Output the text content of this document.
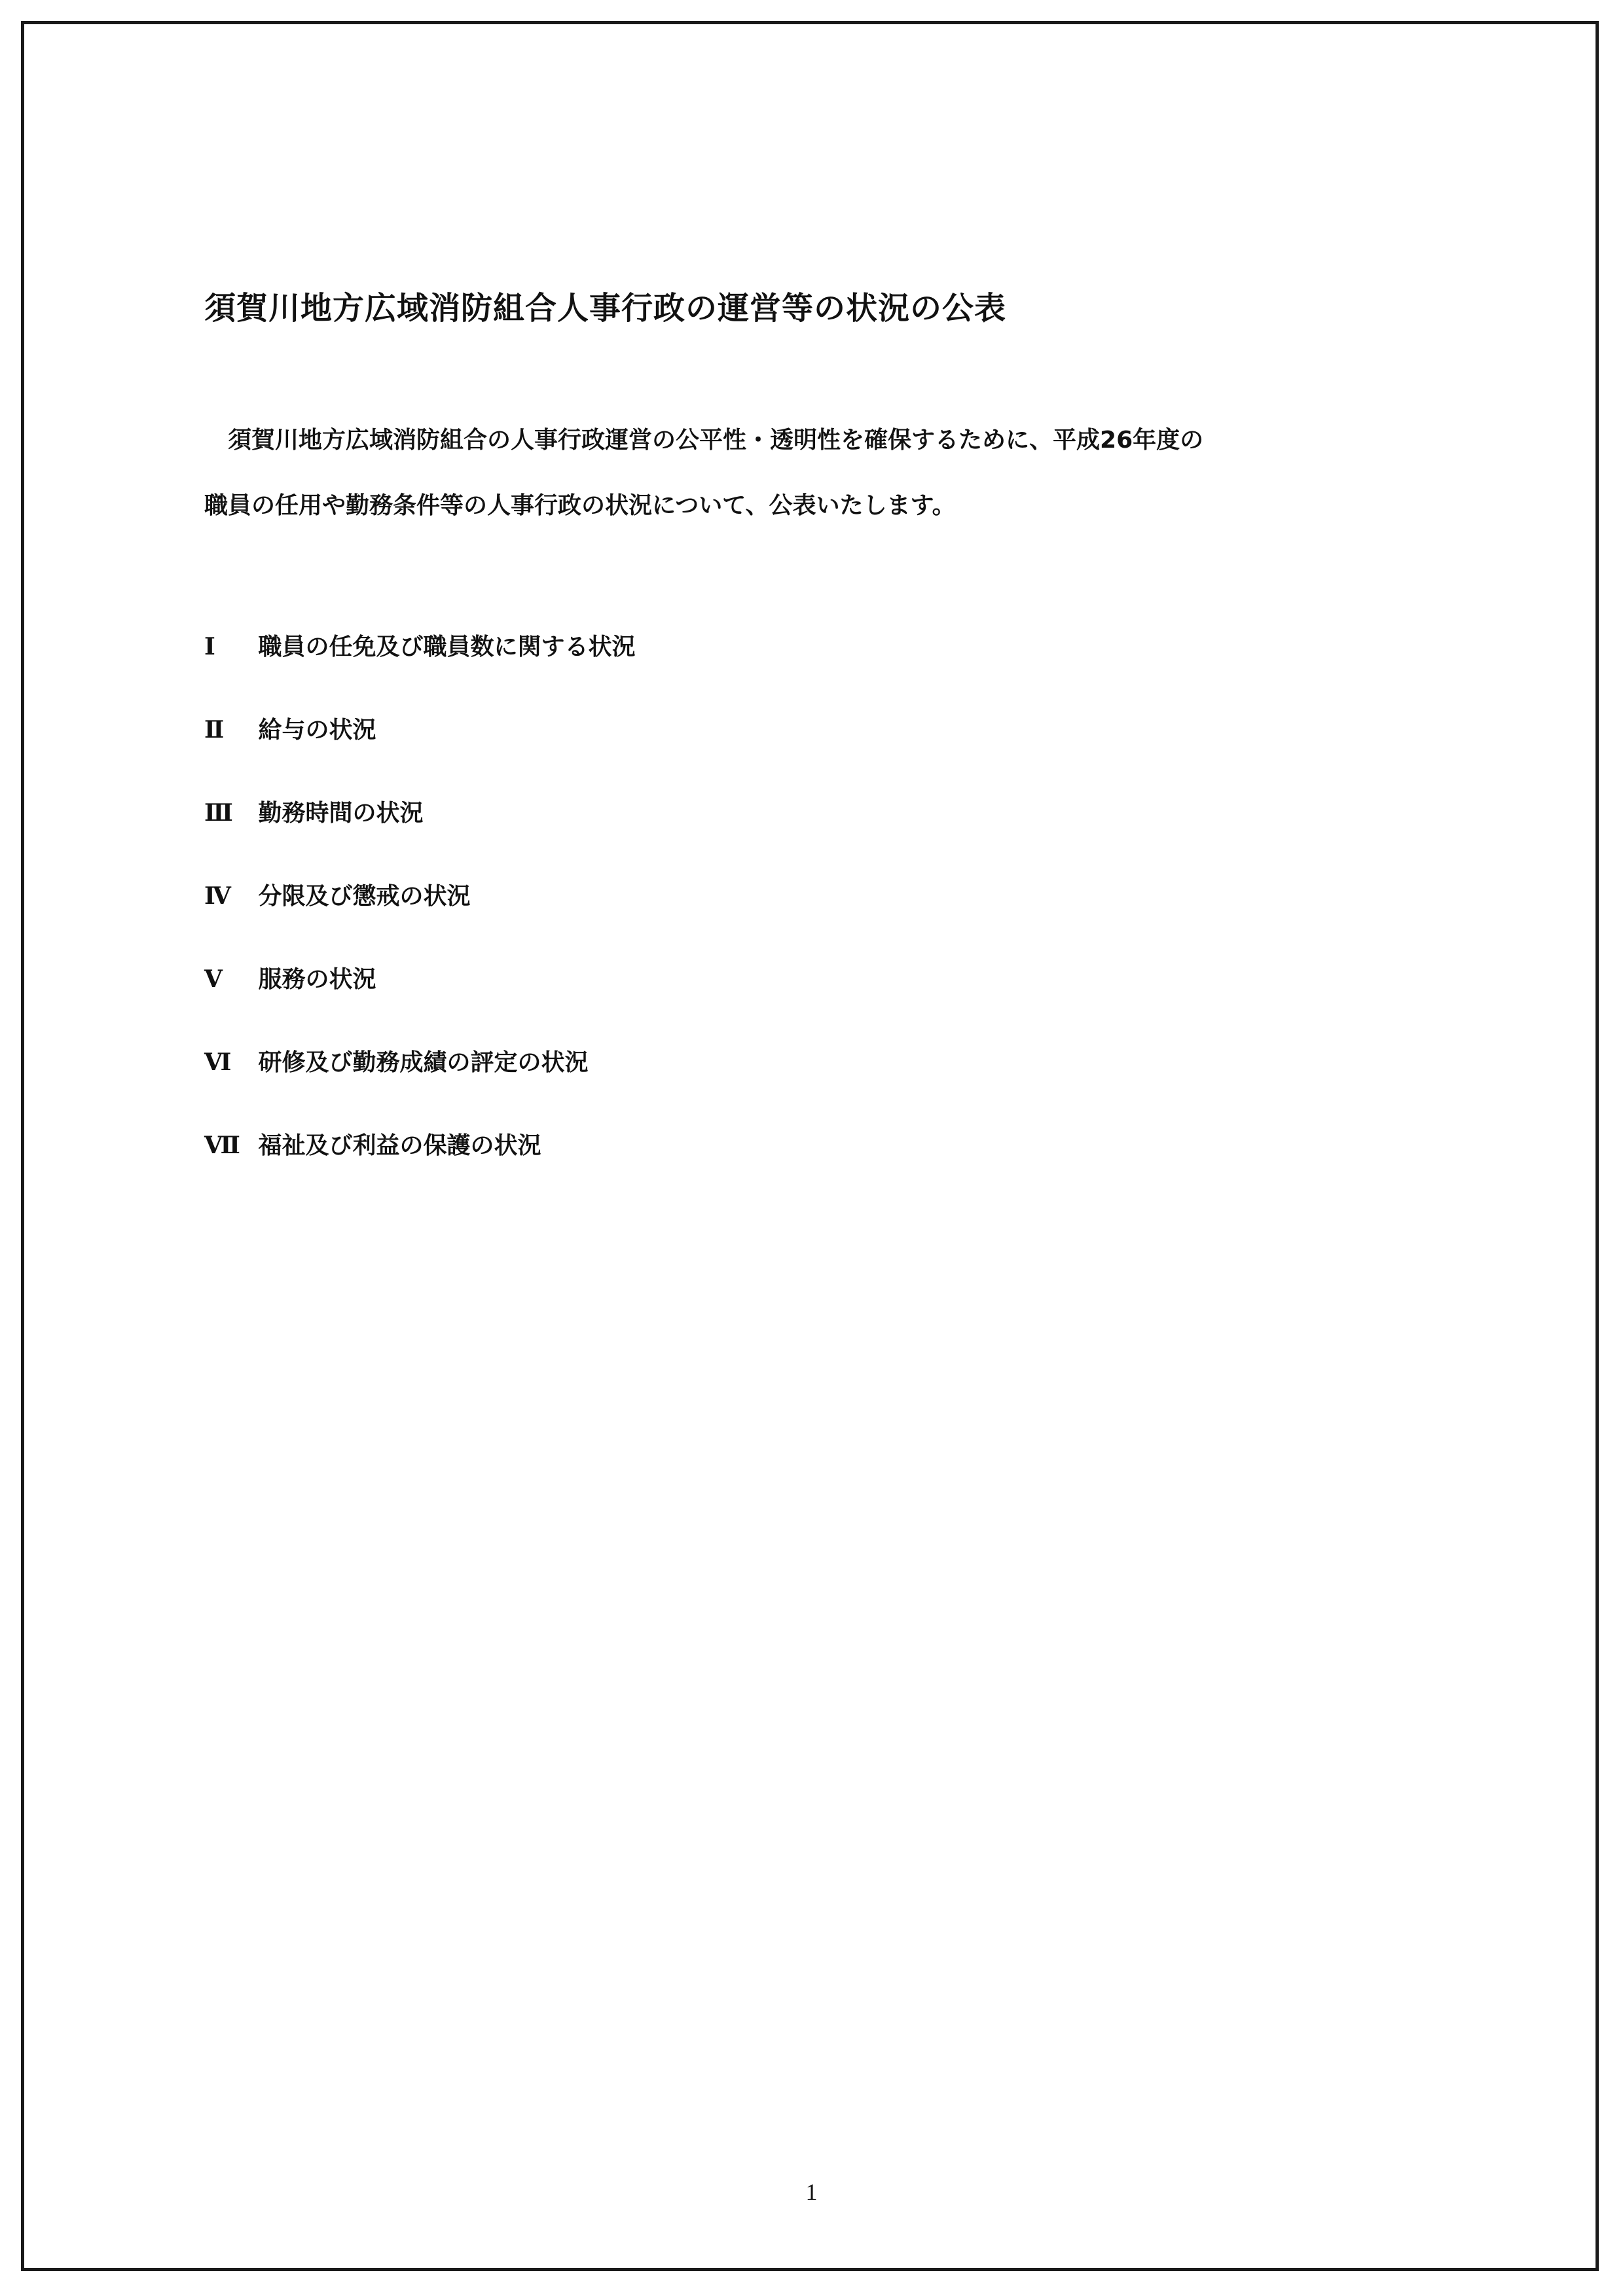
須賀川地方広域消防組合人事行政の運営等の状況の公表
　須賀川地方広域消防組合の人事行政運営の公平性・透明性を確保するために、平成26年度の
職員の任用や勤務条件等の人事行政の状況について、公表いたします。
Ⅰ 職員の任免及び職員数に関する状況
Ⅱ 給与の状況
Ⅲ 勤務時間の状況
Ⅳ 分限及び懲戒の状況
Ⅴ 服務の状況
Ⅵ 研修及び勤務成績の評定の状況
Ⅶ 福祉及び利益の保護の状況
1
